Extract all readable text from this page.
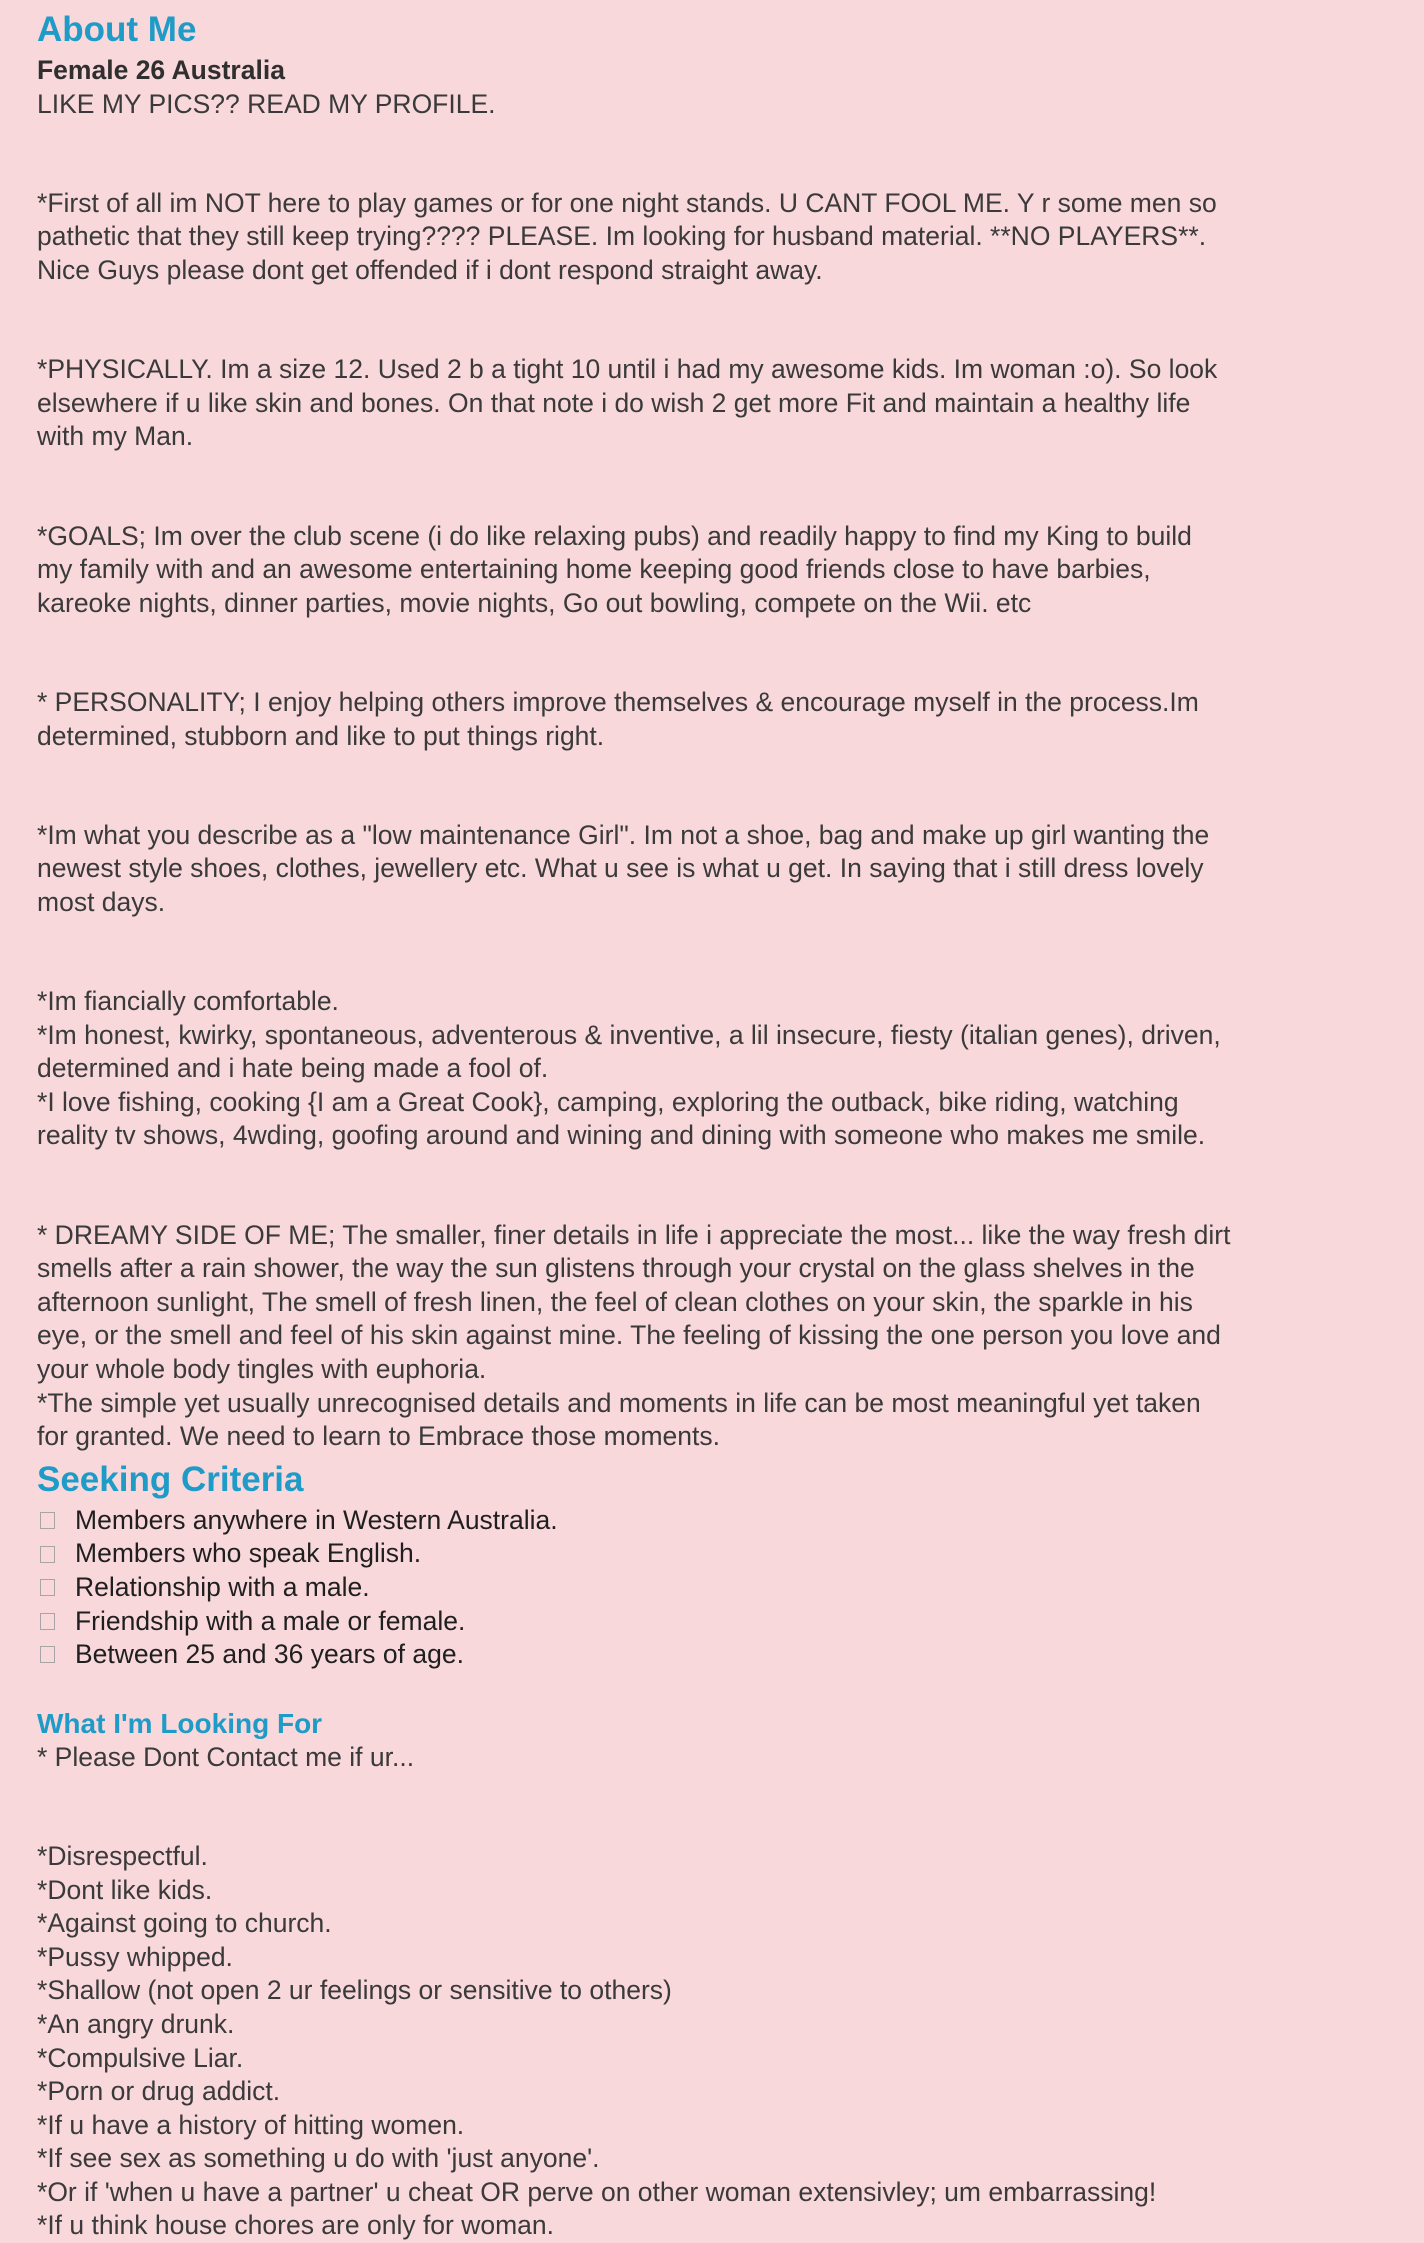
About Me

Female 26 Australia

LIKE MY PICS?? READ MY PROFILE.

*First of all im NOT here to play games or for one night stands. U CANT FOOL ME. Y r some men so

pathetic that they still keep trying???? PLEASE. Im looking for husband material. **NO PLAYERS**.

Nice Guys please dont get offended if i dont respond straight away.

*PHYSICALLY. Im a size 12. Used 2 b a tight 10 until i had my awesome kids. Im woman :o). So look

elsewhere if u like skin and bones. On that note i do wish 2 get more Fit and maintain a healthy life

with my Man.

*GOALS; Im over the club scene (i do like relaxing pubs) and readily happy to find my King to build

my family with and an awesome entertaining home keeping good friends close to have barbies,

kareoke nights, dinner parties, movie nights, Go out bowling, compete on the Wii. etc

* PERSONALITY; I enjoy helping others improve themselves & encourage myself in the process.Im

determined, stubborn and like to put things right.

*Im what you describe as a "low maintenance Girl". Im not a shoe, bag and make up girl wanting the

newest style shoes, clothes, jewellery etc. What u see is what u get. In saying that i still dress lovely

most days.

*Im fiancially comfortable.

*Im honest, kwirky, spontaneous, adventerous & inventive, a lil insecure, fiesty (italian genes), driven,

determined and i hate being made a fool of.

*I love fishing, cooking {I am a Great Cook}, camping, exploring the outback, bike riding, watching

reality tv shows, 4wding, goofing around and wining and dining with someone who makes me smile.

* DREAMY SIDE OF ME; The smaller, finer details in life i appreciate the most... like the way fresh dirt

smells after a rain shower, the way the sun glistens through your crystal on the glass shelves in the

afternoon sunlight, The smell of fresh linen, the feel of clean clothes on your skin, the sparkle in his

eye, or the smell and feel of his skin against mine. The feeling of kissing the one person you love and

your whole body tingles with euphoria.

*The simple yet usually unrecognised details and moments in life can be most meaningful yet taken

for granted. We need to learn to Embrace those moments.

Seeking Criteria
Members anywhere in Western Australia.
Members who speak English.
Relationship with a male.
Friendship with a male or female.
Between 25 and 36 years of age.
What I'm Looking For

* Please Dont Contact me if ur...

*Disrespectful.

*Dont like kids.

*Against going to church.

*Pussy whipped.

*Shallow (not open 2 ur feelings or sensitive to others)

*An angry drunk.

*Compulsive Liar.

*Porn or drug addict.

*If u have a history of hitting women.

*If see sex as something u do with 'just anyone'.

*Or if 'when u have a partner' u cheat OR perve on other woman extensivley; um embarrassing!

*If u think house chores are only for woman.
